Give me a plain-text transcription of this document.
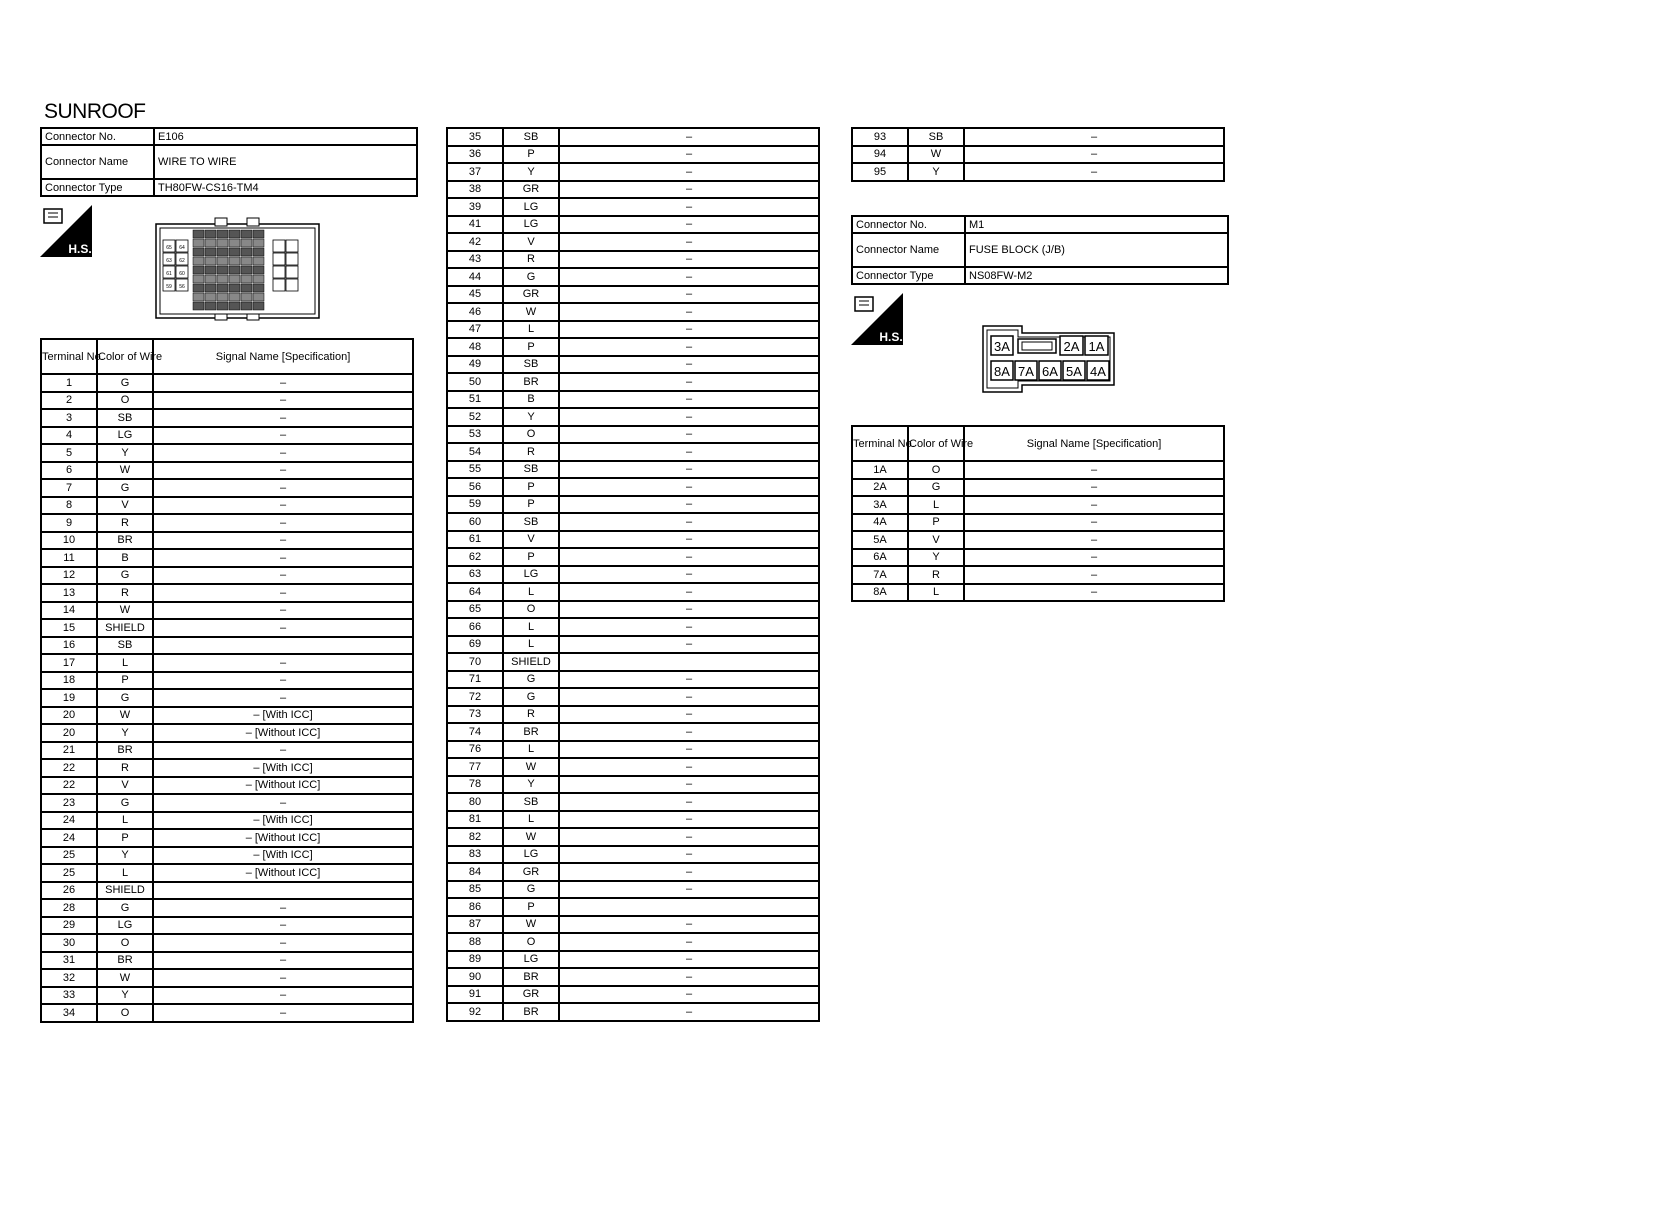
SUNROOF
Connector No.	E106
Connector Name	WIRE TO WIRE
Connector Type	TH80FW-CS16-TM4
H.S.	65 64
63 62
61 60
59 56
Terminal No.	Color of Wire	Signal Name [Specification]
1	G	–
2	O	–
3	SB	–
4	LG	–
5	Y	–
6	W	–
7	G	–
8	V	–
9	R	–
10	BR	–
11	B	–
12	G	–
13	R	–
14	W	–
15	SHIELD	–
16	SB	
17	L	–
18	P	–
19	G	–
20	W	– [With ICC]
20	Y	– [Without ICC]
21	BR	–
22	R	– [With ICC]
22	V	– [Without ICC]
23	G	–
24	L	– [With ICC]
24	P	– [Without ICC]
25	Y	– [With ICC]
25	L	– [Without ICC]
26	SHIELD	
28	G	–
29	LG	–
30	O	–
31	BR	–
32	W	–
33	Y	–
34	O	–
35	SB	–
36	P	–
37	Y	–
38	GR	–
39	LG	–
41	LG	–
42	V	–
43	R	–
44	G	–
45	GR	–
46	W	–
47	L	–
48	P	–
49	SB	–
50	BR	–
51	B	–
52	Y	–
53	O	–
54	R	–
55	SB	–
56	P	–
59	P	–
60	SB	–
61	V	–
62	P	–
63	LG	–
64	L	–
65	O	–
66	L	–
69	L	–
70	SHIELD	
71	G	–
72	G	–
73	R	–
74	BR	–
76	L	–
77	W	–
78	Y	–
80	SB	–
81	L	–
82	W	–
83	LG	–
84	GR	–
85	G	–
86	P	
87	W	–
88	O	–
89	LG	–
90	BR	–
91	GR	–
92	BR	–
93	SB	–
94	W	–
95	Y	–
Connector No.	M1
Connector Name	FUSE BLOCK (J/B)
Connector Type	NS08FW-M2
H.S.
3A	2A 1A
8A 7A 6A 5A 4A
Terminal No.	Color of Wire	Signal Name [Specification]
1A	O	–
2A	G	–
3A	L	–
4A	P	–
5A	V	–
6A	Y	–
7A	R	–
8A	L	–
